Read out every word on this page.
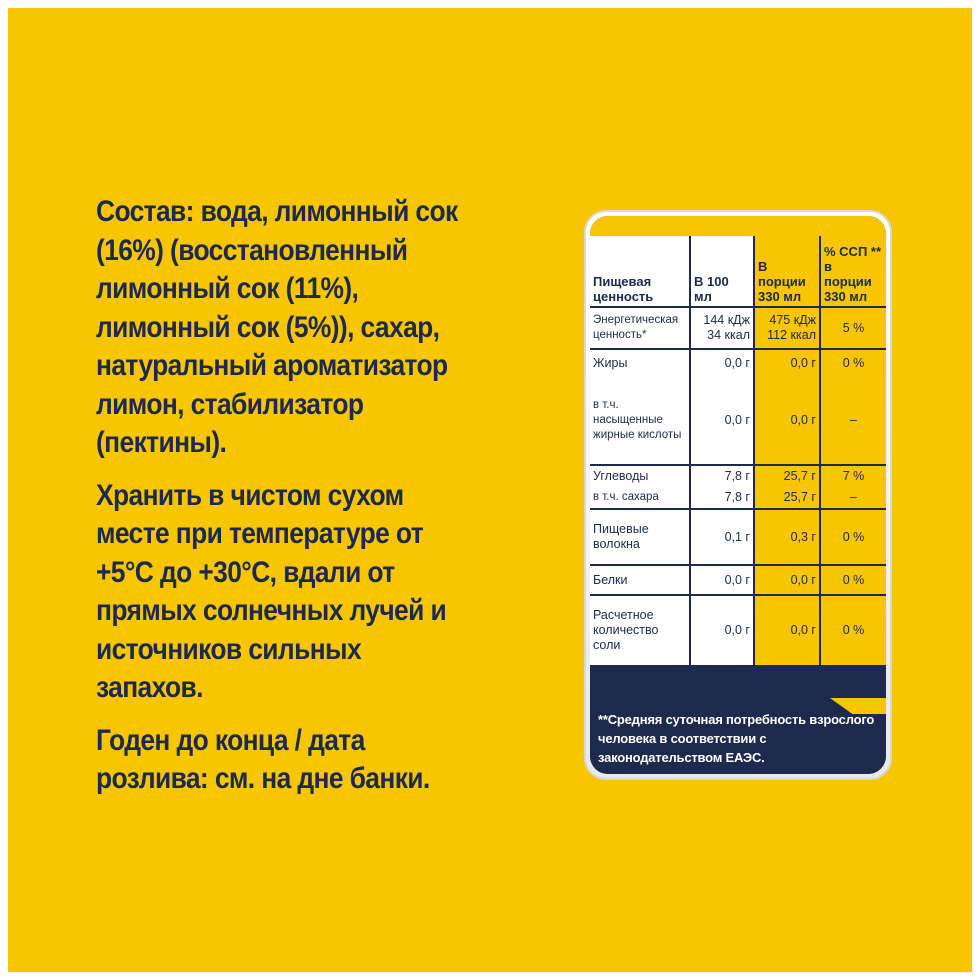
Состав: вода, лимонный сок (16%) (восстановленный лимонный сок (11%), лимонный сок (5%)), сахар, натуральный ароматизатор лимон, стабилизатор (пектины).

Хранить в чистом сухом месте при температуре от +5°С до +30°С, вдали от прямых солнечных лучей и источников сильных запахов.

Годен до конца / дата розлива: см. на дне банки.

Пищевая ценность	В 100 мл	В порции 330 мл	% ССП ** в порции 330 мл
Энергетическая ценность*	144 кДж 34 ккал	475 кДж 112 ккал	5 %
Жиры	0,0 г	0,0 г	0 %
в т.ч. насыщенные жирные кислоты	0,0 г	0,0 г	–
Углеводы	7,8 г	25,7 г	7 %
в т.ч. сахара	7,8 г	25,7 г	–
Пищевые волокна	0,1 г	0,3 г	0 %
Белки	0,0 г	0,0 г	0 %
Расчетное количество соли	0,0 г	0,0 г	0 %
**Средняя суточная потребность взрослого человека в соответствии с законодательством ЕАЭС.
